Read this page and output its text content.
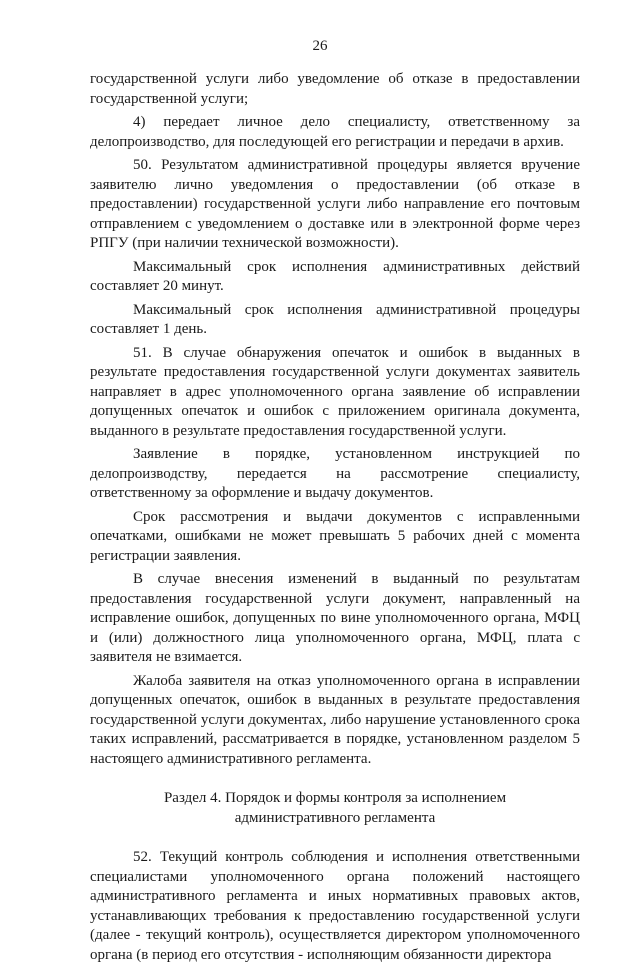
26

государственной услуги либо уведомление об отказе в предоставлении государственной услуги;

4) передает личное дело специалисту, ответственному за делопроизводство, для последующей его регистрации и передачи в архив.

50. Результатом административной процедуры является вручение заявителю лично уведомления о предоставлении (об отказе в предоставлении) государственной услуги либо направление его почтовым отправлением с уведомлением о доставке или в электронной форме через РПГУ (при наличии технической возможности).

Максимальный срок исполнения административных действий составляет 20 минут.

Максимальный срок исполнения административной процедуры составляет 1 день.

51. В случае обнаружения опечаток и ошибок в выданных в результате предоставления государственной услуги документах заявитель направляет в адрес уполномоченного органа заявление об исправлении допущенных опечаток и ошибок с приложением оригинала документа, выданного в результате предоставления государственной услуги.

Заявление в порядке, установленном инструкцией по делопроизводству, передается на рассмотрение специалисту, ответственному за оформление и выдачу документов.

Срок рассмотрения и выдачи документов с исправленными опечатками, ошибками не может превышать 5 рабочих дней с момента регистрации заявления.

В случае внесения изменений в выданный по результатам предоставления государственной услуги документ, направленный на исправление ошибок, допущенных по вине уполномоченного органа, МФЦ и (или) должностного лица уполномоченного органа, МФЦ, плата с заявителя не взимается.

Жалоба заявителя на отказ уполномоченного органа в исправлении допущенных опечаток, ошибок в выданных в результате предоставления государственной услуги документах, либо нарушение установленного срока таких исправлений, рассматривается в порядке, установленном разделом 5 настоящего административного регламента.

Раздел 4. Порядок и формы контроля за исполнением
административного регламента

52. Текущий контроль соблюдения и исполнения ответственными специалистами уполномоченного органа положений настоящего административного регламента и иных нормативных правовых актов, устанавливающих требования к предоставлению государственной услуги (далее - текущий контроль), осуществляется директором уполномоченного органа (в период его отсутствия - исполняющим обязанности директора
